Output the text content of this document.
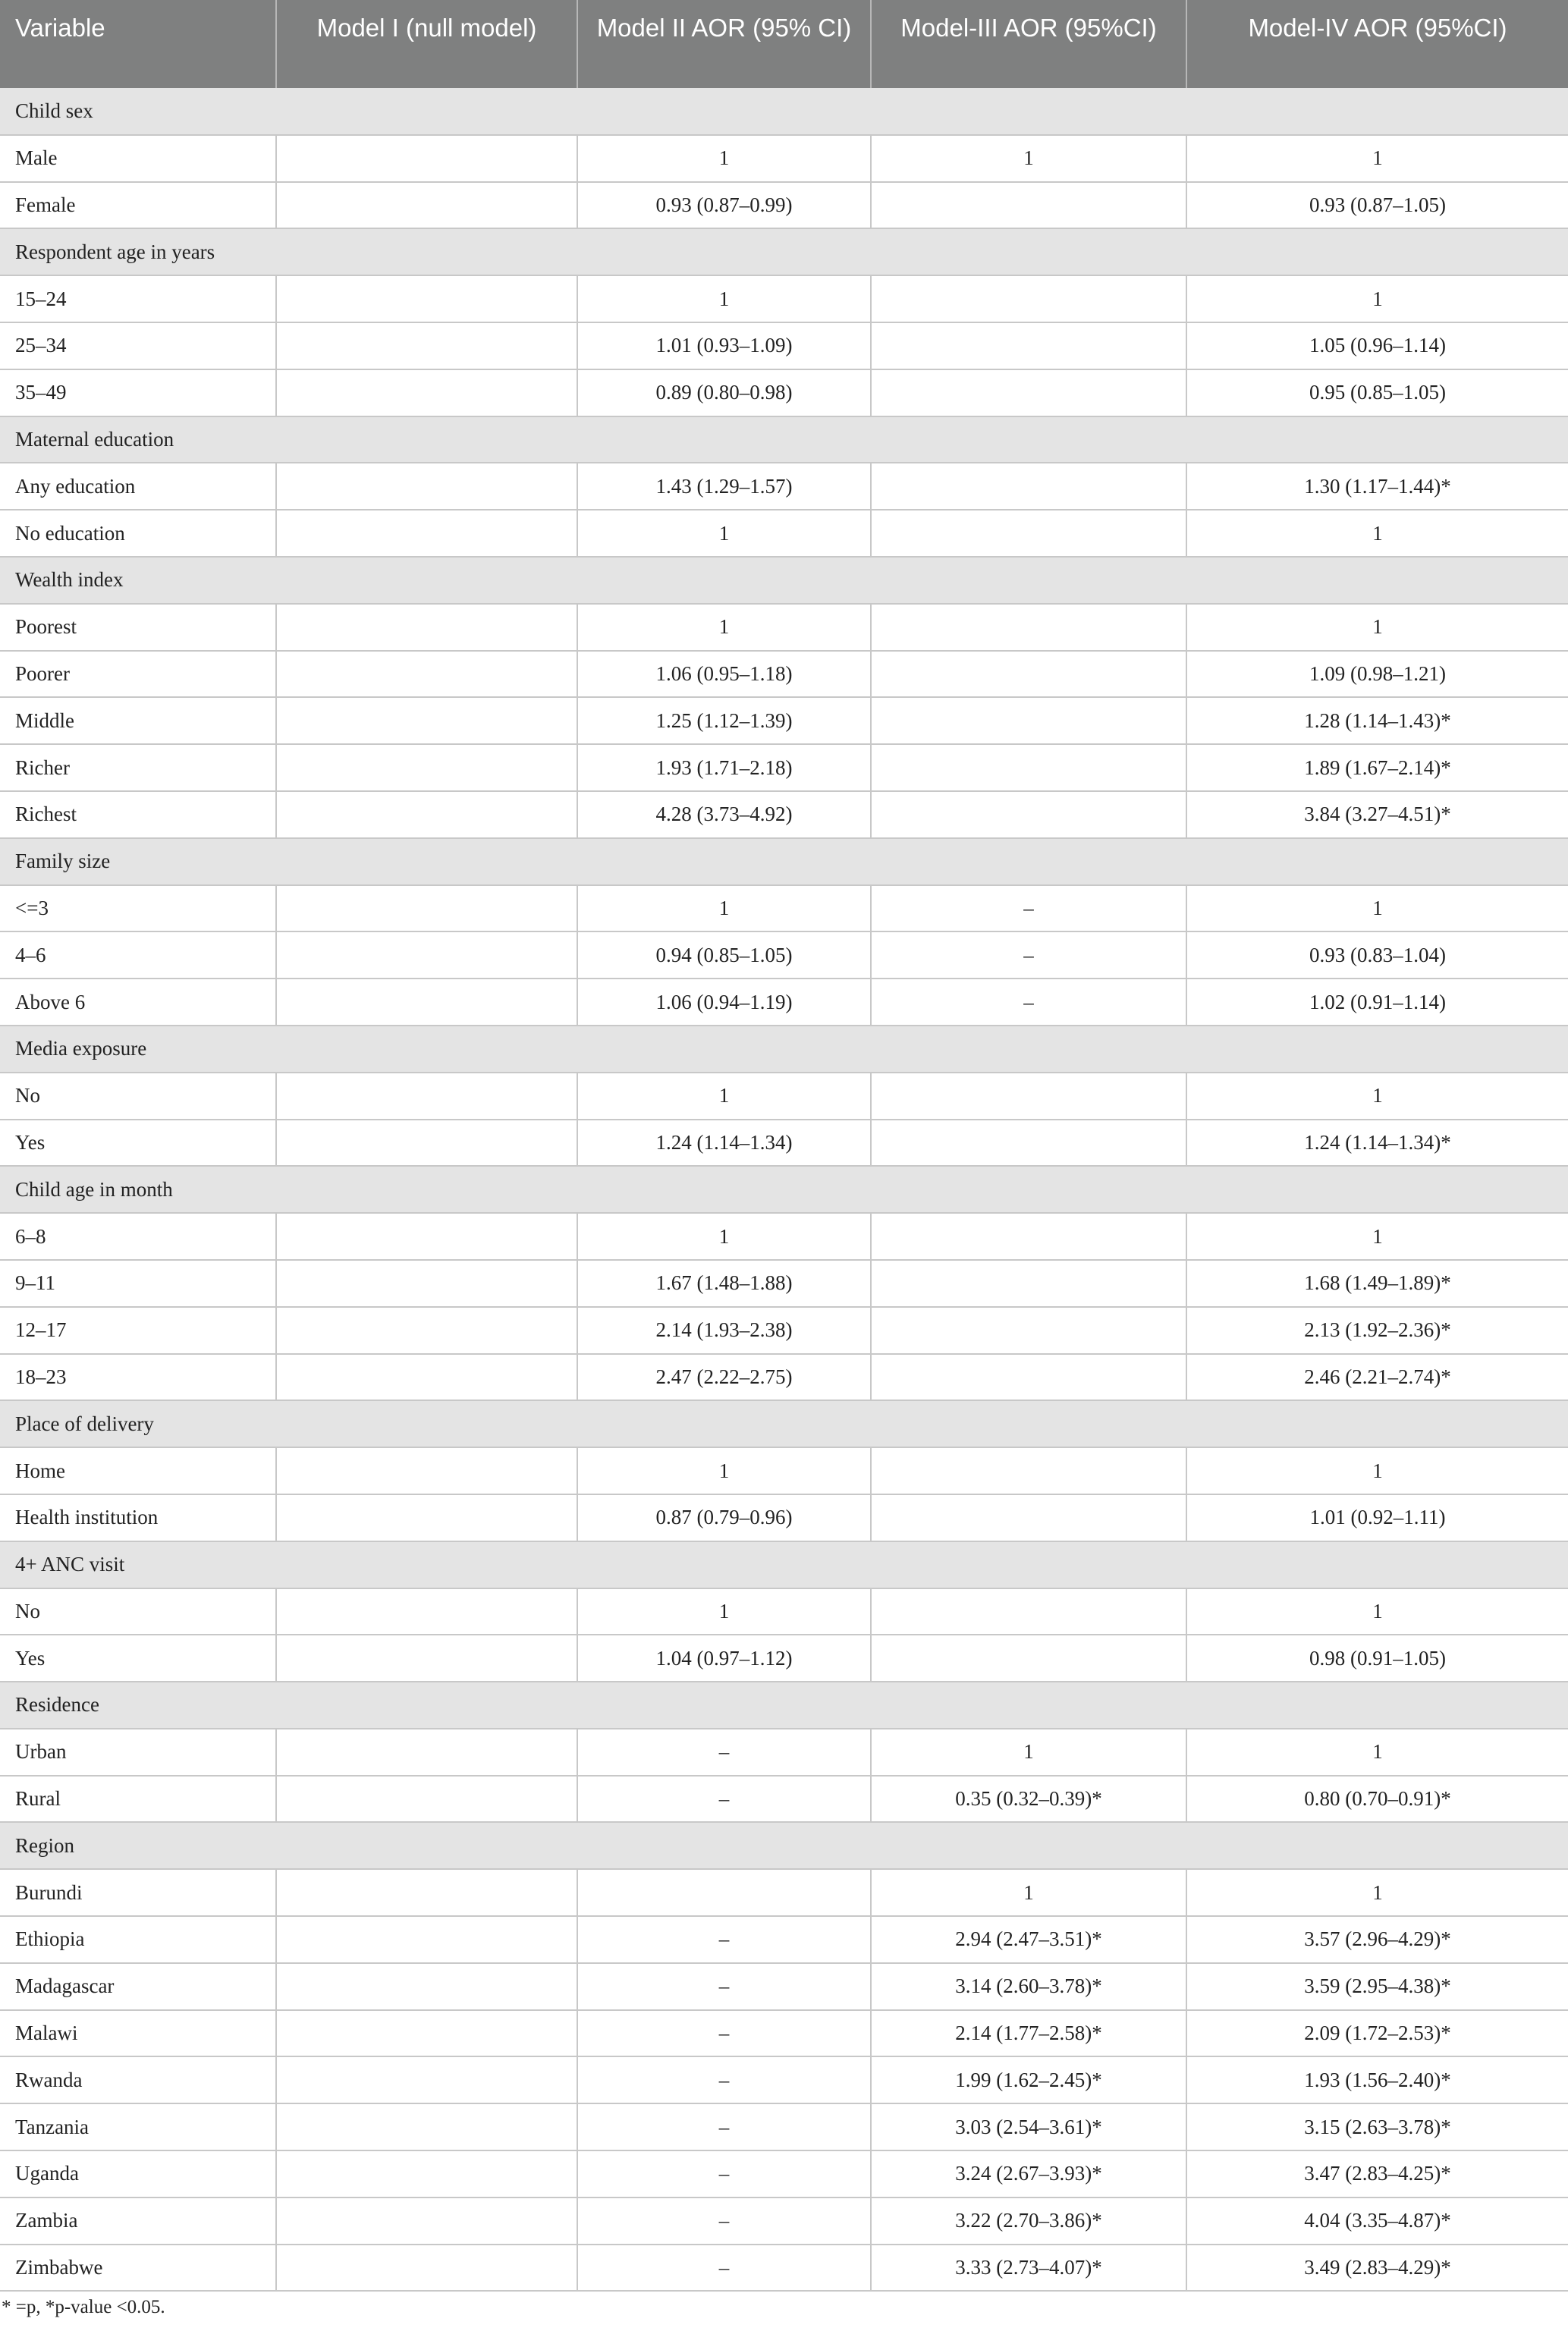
Variable	Model I (null model)	Model II AOR (95% CI)	Model-III AOR (95%CI)	Model-IV AOR (95%CI)
Child sex				
Male		1	1	1
Female		0.93 (0.87–0.99)		0.93 (0.87–1.05)
Respondent age in years				
15–24		1		1
25–34		1.01 (0.93–1.09)		1.05 (0.96–1.14)
35–49		0.89 (0.80–0.98)		0.95 (0.85–1.05)
Maternal education				
Any education		1.43 (1.29–1.57)		1.30 (1.17–1.44)*
No education		1		1
Wealth index				
Poorest		1		1
Poorer		1.06 (0.95–1.18)		1.09 (0.98–1.21)
Middle		1.25 (1.12–1.39)		1.28 (1.14–1.43)*
Richer		1.93 (1.71–2.18)		1.89 (1.67–2.14)*
Richest		4.28 (3.73–4.92)		3.84 (3.27–4.51)*
Family size				
<=3		1	–	1
4–6		0.94 (0.85–1.05)	–	0.93 (0.83–1.04)
Above 6		1.06 (0.94–1.19)	–	1.02 (0.91–1.14)
Media exposure				
No		1		1
Yes		1.24 (1.14–1.34)		1.24 (1.14–1.34)*
Child age in month				
6–8		1		1
9–11		1.67 (1.48–1.88)		1.68 (1.49–1.89)*
12–17		2.14 (1.93–2.38)		2.13 (1.92–2.36)*
18–23		2.47 (2.22–2.75)		2.46 (2.21–2.74)*
Place of delivery				
Home		1		1
Health institution		0.87 (0.79–0.96)		1.01 (0.92–1.11)
4+ ANC visit				
No		1		1
Yes		1.04 (0.97–1.12)		0.98 (0.91–1.05)
Residence				
Urban		–	1	1
Rural		–	0.35 (0.32–0.39)*	0.80 (0.70–0.91)*
Region				
Burundi			1	1
Ethiopia		–	2.94 (2.47–3.51)*	3.57 (2.96–4.29)*
Madagascar		–	3.14 (2.60–3.78)*	3.59 (2.95–4.38)*
Malawi		–	2.14 (1.77–2.58)*	2.09 (1.72–2.53)*
Rwanda		–	1.99 (1.62–2.45)*	1.93 (1.56–2.40)*
Tanzania		–	3.03 (2.54–3.61)*	3.15 (2.63–3.78)*
Uganda		–	3.24 (2.67–3.93)*	3.47 (2.83–4.25)*
Zambia		–	3.22 (2.70–3.86)*	4.04 (3.35–4.87)*
Zimbabwe		–	3.33 (2.73–4.07)*	3.49 (2.83–4.29)*
* =p, *p-value <0.05.
